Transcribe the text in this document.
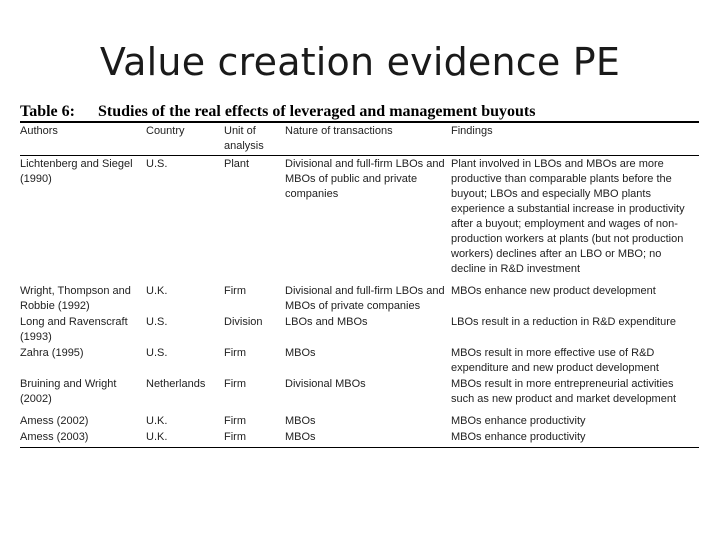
Value creation evidence PE
Table 6: Studies of the real effects of leveraged and management buyouts
Authors	Country	Unit of analysis	Nature of transactions	Findings
Lichtenberg and Siegel (1990)	U.S.	Plant	Divisional and full-firm LBOs and MBOs of public and private companies	Plant involved in LBOs and MBOs are more productive than comparable plants before the buyout; LBOs and especially MBO plants experience a substantial increase in productivity after a buyout; employment and wages of non-production workers at plants (but not production workers) declines after an LBO or MBO; no decline in R&D investment
Wright, Thompson and Robbie (1992)	U.K.	Firm	Divisional and full-firm LBOs and MBOs of private companies	MBOs enhance new product development
Long and Ravenscraft (1993)	U.S.	Division	LBOs and MBOs	LBOs result in a reduction in R&D expenditure
Zahra (1995)	U.S.	Firm	MBOs	MBOs result in more effective use of R&D expenditure and new product development
Bruining and Wright (2002)	Netherlands	Firm	Divisional MBOs	MBOs result in more entrepreneurial activities such as new product and market development
Amess (2002)	U.K.	Firm	MBOs	MBOs enhance productivity
Amess (2003)	U.K.	Firm	MBOs	MBOs enhance productivity
